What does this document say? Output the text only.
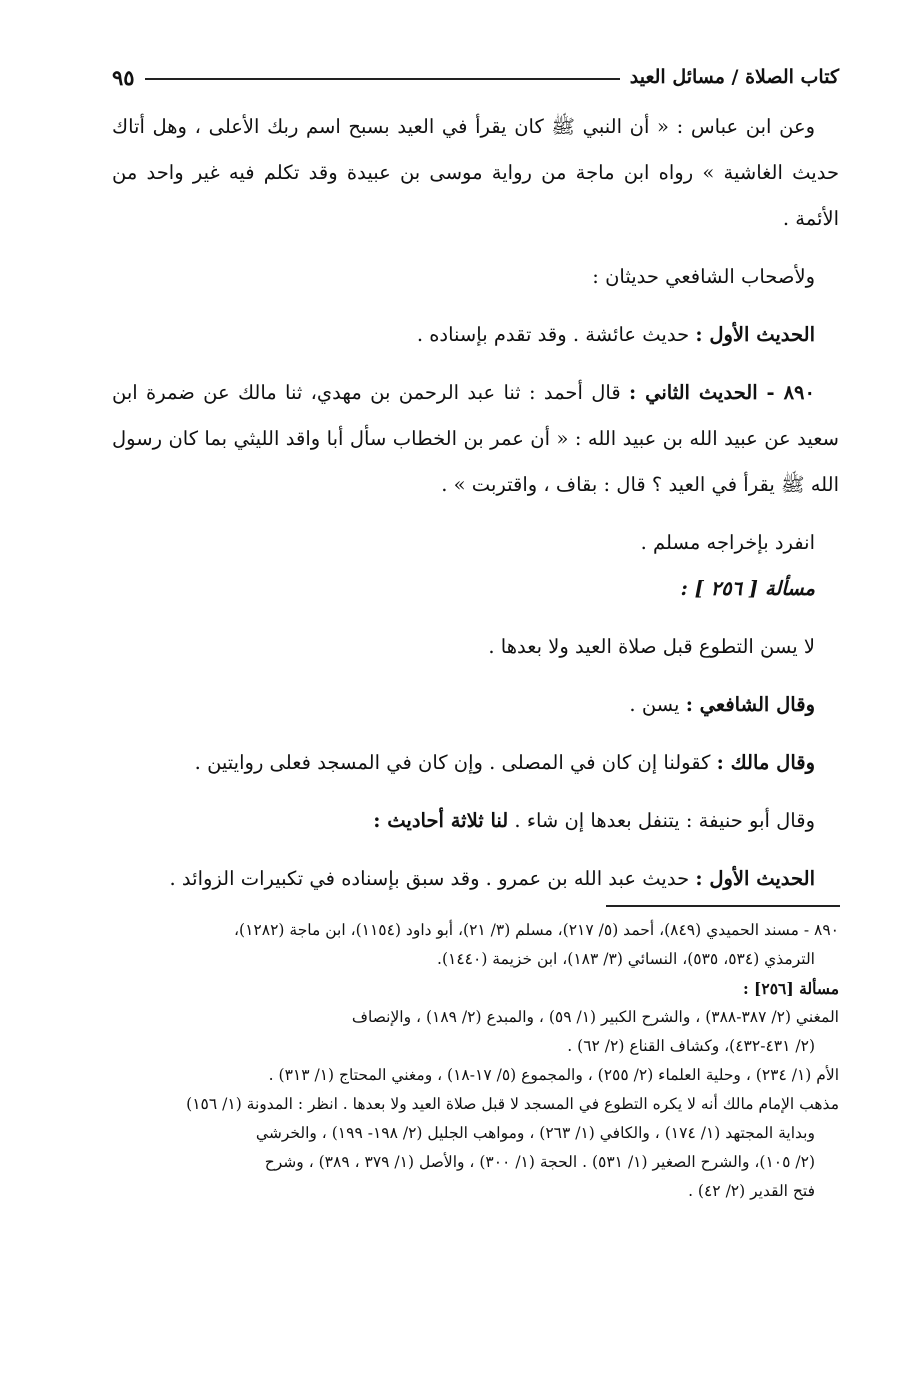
كتاب الصلاة / مسائل العيد
٩٥

وعن ابن عباس : « أن النبي ﷺ كان يقرأ في العيد بسبح اسم ربك الأعلى ، وهل أتاك حديث الغاشية » رواه ابن ماجة من رواية موسى بن عبيدة وقد تكلم فيه غير واحد من الأئمة .

ولأصحاب الشافعي حديثان :

الحديث الأول : حديث عائشة . وقد تقدم بإسناده .

٨٩٠ - الحديث الثاني : قال أحمد : ثنا عبد الرحمن بن مهدي، ثنا مالك عن ضمرة ابن سعيد عن عبيد الله بن عبيد الله : « أن عمر بن الخطاب سأل أبا واقد الليثي بما كان رسول الله ﷺ يقرأ في العيد ؟ قال : بقاف ، واقتربت » .

انفرد بإخراجه مسلم .

مسألة [ ٢٥٦ ] :

لا يسن التطوع قبل صلاة العيد ولا بعدها .

وقال الشافعي : يسن .

وقال مالك : كقولنا إن كان في المصلى . وإن كان في المسجد فعلى روايتين .

وقال أبو حنيفة : يتنفل بعدها إن شاء . لنا ثلاثة أحاديث :

الحديث الأول : حديث عبد الله بن عمرو . وقد سبق بإسناده في تكبيرات الزوائد .

٨٩٠ - مسند الحميدي (٨٤٩)، أحمد (٥/ ٢١٧)، مسلم (٣/ ٢١)، أبو داود (١١٥٤)، ابن ماجة (١٢٨٢)،

الترمذي (٥٣٤، ٥٣٥)، النسائي (٣/ ١٨٣)، ابن خزيمة (١٤٤٠).

مسألة [٢٥٦] :

المغني (٢/ ٣٨٧-٣٨٨) ، والشرح الكبير (١/ ٥٩) ، والمبدع (٢/ ١٨٩) ، والإنصاف

(٢/ ٤٣١-٤٣٢)، وكشاف القناع (٢/ ٦٢) .

الأم (١/ ٢٣٤) ، وحلية العلماء (٢/ ٢٥٥) ، والمجموع (٥/ ١٧-١٨) ، ومغني المحتاج (١/ ٣١٣) .

مذهب الإمام مالك أنه لا يكره التطوع في المسجد لا قبل صلاة العيد ولا بعدها . انظر : المدونة (١/ ١٥٦)

وبداية المجتهد (١/ ١٧٤) ، والكافي (١/ ٢٦٣) ، ومواهب الجليل (٢/ ١٩٨- ١٩٩) ، والخرشي

(٢/ ١٠٥)، والشرح الصغير (١/ ٥٣١) . الحجة (١/ ٣٠٠) ، والأصل (١/ ٣٧٩ ، ٣٨٩) ، وشرح

فتح القدير (٢/ ٤٢) .
